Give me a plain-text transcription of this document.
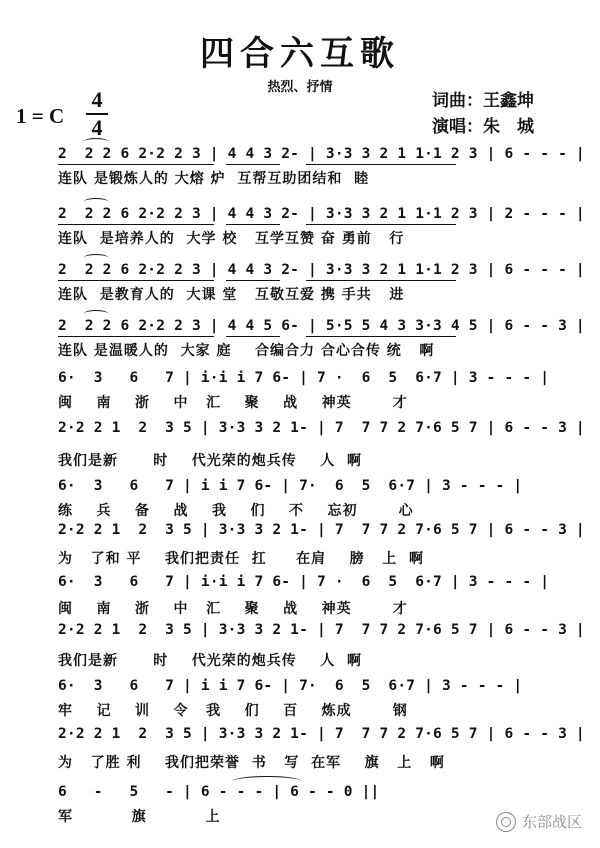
四合六互歌
热烈、抒情
1 = C
4
4
词曲：王鑫坤
演唱：朱　城
2  2 2 6 2·2 2 3 | 4 4 3 2- | 3·3 3 2 1 1·1 2 3 | 6 - - - |
连队 是锻炼人的 大熔 炉  互帮互助团结和  睦
2  2 2 6 2·2 2 3 | 4 4 3 2- | 3·3 3 2 1 1·1 2 3 | 2 - - - |
连队  是培养人的  大学 校   互学互赞 奋 勇前   行
2  2 2 6 2·2 2 3 | 4 4 3 2- | 3·3 3 2 1 1·1 2 3 | 6 - - - |
连队  是教育人的  大课 堂   互敬互爱 携 手共   进
2  2 2 6 2·2 2 3 | 4 4 5 6- | 5·5 5 4 3 3·3 4 5 | 6 - - 3 |
连队 是温暖人的  大家 庭    合编合力 合心合传 统   啊
6·  3   6   7 | i·i i 7 6- | 7 ·  6  5  6·7 | 3 - - - |
闽    南    浙    中   汇    聚    战    神英       才
2·2 2 1  2  3 5 | 3·3 3 2 1- | 7  7 7 2 7·6 5 7 | 6 - - 3 |
我们是新      时    代光荣的炮兵传    人  啊
6·  3   6   7 | i i 7 6- | 7·  6  5  6·7 | 3 - - - |
练    兵    备    战    我    们    不    忘初       心
2·2 2 1  2  3 5 | 3·3 3 2 1- | 7  7 7 2 7·6 5 7 | 6 - - 3 |
为   了和 平    我们把责任  扛     在肩    膀   上  啊
6·  3   6   7 | i·i i 7 6- | 7 ·  6  5  6·7 | 3 - - - |
闽    南    浙    中   汇    聚    战    神英       才
2·2 2 1  2  3 5 | 3·3 3 2 1- | 7  7 7 2 7·6 5 7 | 6 - - 3 |
我们是新      时    代光荣的炮兵传    人  啊
6·  3   6   7 | i i 7 6- | 7·  6  5  6·7 | 3 - - - |
牢    记    训    令   我    们    百    炼成       钢
2·2 2 1  2  3 5 | 3·3 3 2 1- | 7  7 7 2 7·6 5 7 | 6 - - 3 |
为   了胜 利    我们把荣誉  书   写  在军    旗   上   啊
6   -   5   - | 6 - - - | 6 - - 0 ||
军          旗          上	东部战区
